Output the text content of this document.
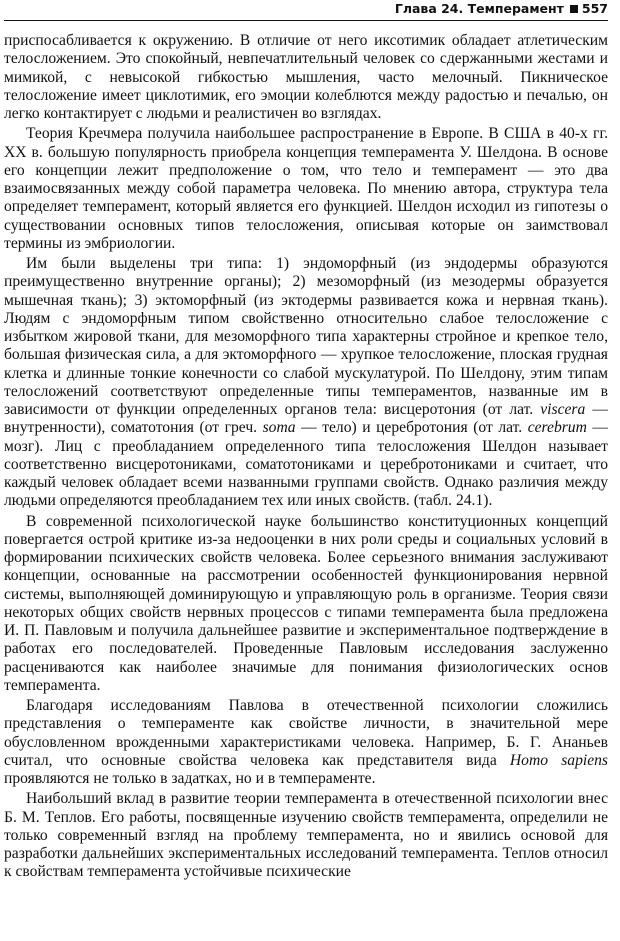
Глава 24. Темперамент 557

приспосабливается к окружению. В отличие от него иксотимик обладает атлетическим телосложением. Это спокойный, невпечатлительный человек со сдержанными жестами и мимикой, с невысокой гибкостью мышления, часто мелочный. Пикническое телосложение имеет циклотимик, его эмоции колеблются между радостью и печалью, он легко контактирует с людьми и реалистичен во взглядах.

Теория Кречмера получила наибольшее распространение в Европе. В США в 40-х гг. XX в. большую популярность приобрела концепция темперамента У. Шелдона. В основе его концепции лежит предположение о том, что тело и темперамент — это два взаимосвязанных между собой параметра человека. По мнению автора, структура тела определяет темперамент, который является его функцией. Шелдон исходил из гипотезы о существовании основных типов телосложения, описывая которые он заимствовал термины из эмбриологии.

Им были выделены три типа: 1) эндоморфный (из эндодермы образуются преимущественно внутренние органы); 2) мезоморфный (из мезодермы образуется мышечная ткань); 3) эктоморфный (из эктодермы развивается кожа и нервная ткань). Людям с эндоморфным типом свойственно относительно слабое телосложение с избытком жировой ткани, для мезоморфного типа характерны стройное и крепкое тело, большая физическая сила, а для эктоморфного — хрупкое телосложение, плоская грудная клетка и длинные тонкие конечности со слабой мускулатурой. По Шелдону, этим типам телосложений соответствуют определенные типы темпераментов, названные им в зависимости от функции определенных органов тела: висцеротония (от лат. viscera — внутренности), соматотония (от греч. soma — тело) и церебротония (от лат. cerebrum — мозг). Лиц с преобладанием определенного типа телосложения Шелдон называет соответственно висцеротониками, соматотониками и церебротониками и считает, что каждый человек обладает всеми названными группами свойств. Однако различия между людьми определяются преобладанием тех или иных свойств. (табл. 24.1).

В современной психологической науке большинство конституционных концепций повергается острой критике из-за недооценки в них роли среды и социальных условий в формировании психических свойств человека. Более серьезного внимания заслуживают концепции, основанные на рассмотрении особенностей функционирования нервной системы, выполняющей доминирующую и управляющую роль в организме. Теория связи некоторых общих свойств нервных процессов с типами темперамента была предложена И. П. Павловым и получила дальнейшее развитие и экспериментальное подтверждение в работах его последователей. Проведенные Павловым исследования заслуженно расцениваются как наиболее значимые для понимания физиологических основ темперамента.

Благодаря исследованиям Павлова в отечественной психологии сложились представления о темпераменте как свойстве личности, в значительной мере обусловленном врожденными характеристиками человека. Например, Б. Г. Ананьев считал, что основные свойства человека как представителя вида Homo sapiens проявляются не только в задатках, но и в темпераменте.

Наибольший вклад в развитие теории темперамента в отечественной психологии внес Б. М. Теплов. Его работы, посвященные изучению свойств темперамента, определили не только современный взгляд на проблему темперамента, но и явились основой для разработки дальнейших экспериментальных исследований темперамента. Теплов относил к свойствам темперамента устойчивые психические
